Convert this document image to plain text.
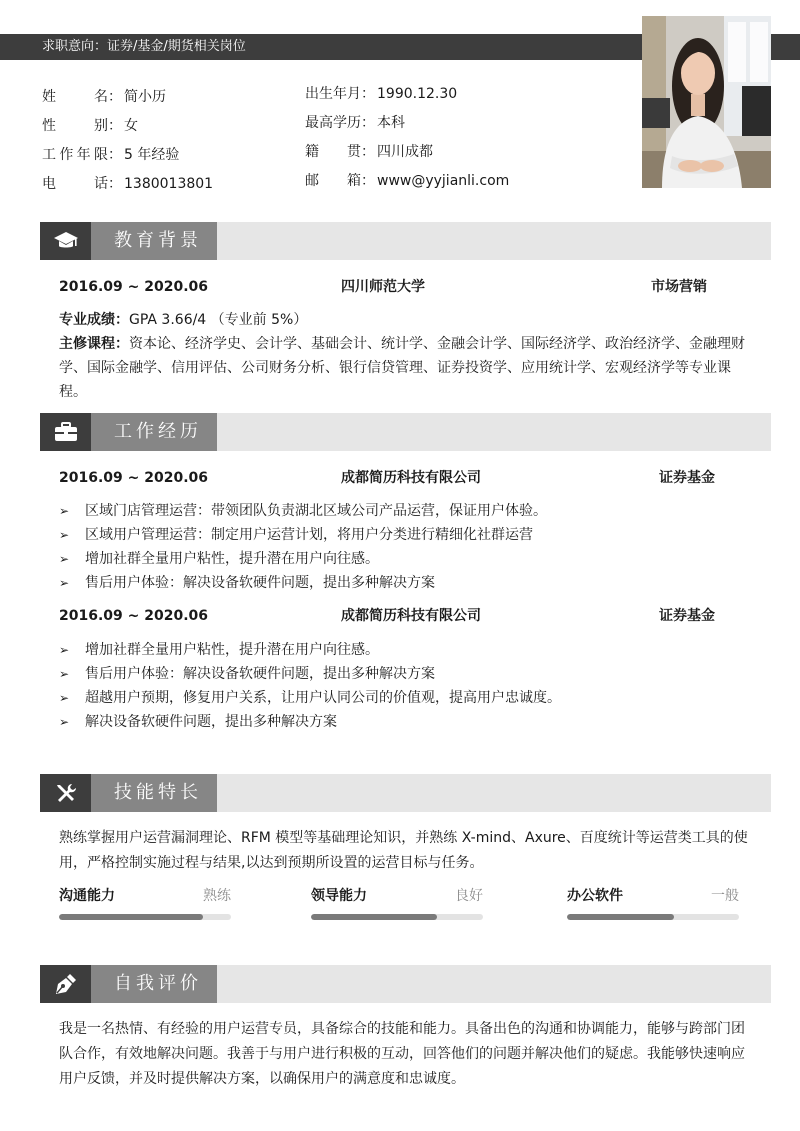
求职意向：证券/基金/期货相关岗位
姓名： 简小历
性别： 女
工作年限： 5 年经验
电话： 1380013801
出生年月： 1990.12.30
最高学历： 本科
籍贯： 四川成都
邮箱： www@yyjianli.com
教育背景
2016.09 ~ 2020.06	四川师范大学	市场营销
专业成绩：GPA 3.66/4 （专业前 5%）
主修课程：资本论、经济学史、会计学、基础会计、统计学、金融会计学、国际经济学、政治经济学、金融理财学、国际金融学、信用评估、公司财务分析、银行信贷管理、证券投资学、应用统计学、宏观经济学等专业课程。
工作经历
2016.09 ~ 2020.06	成都简历科技有限公司	证券基金
➢ 区域门店管理运营：带领团队负责湖北区域公司产品运营，保证用户体验。
➢ 区域用户管理运营：制定用户运营计划，将用户分类进行精细化社群运营
➢ 增加社群全量用户粘性，提升潜在用户向往感。
➢ 售后用户体验：解决设备软硬件问题，提出多种解决方案
2016.09 ~ 2020.06	成都简历科技有限公司	证券基金
➢ 增加社群全量用户粘性，提升潜在用户向往感。
➢ 售后用户体验：解决设备软硬件问题，提出多种解决方案
➢ 超越用户预期，修复用户关系，让用户认同公司的价值观，提高用户忠诚度。
➢ 解决设备软硬件问题，提出多种解决方案
技能特长
熟练掌握用户运营漏洞理论、RFM 模型等基础理论知识，并熟练 X-mind、Axure、百度统计等运营类工具的使用，严格控制实施过程与结果,以达到预期所设置的运营目标与任务。
沟通能力	熟练	领导能力	良好	办公软件	一般
自我评价
我是一名热情、有经验的用户运营专员，具备综合的技能和能力。具备出色的沟通和协调能力，能够与跨部门团队合作，有效地解决问题。我善于与用户进行积极的互动，回答他们的问题并解决他们的疑虑。我能够快速响应用户反馈，并及时提供解决方案，以确保用户的满意度和忠诚度。
